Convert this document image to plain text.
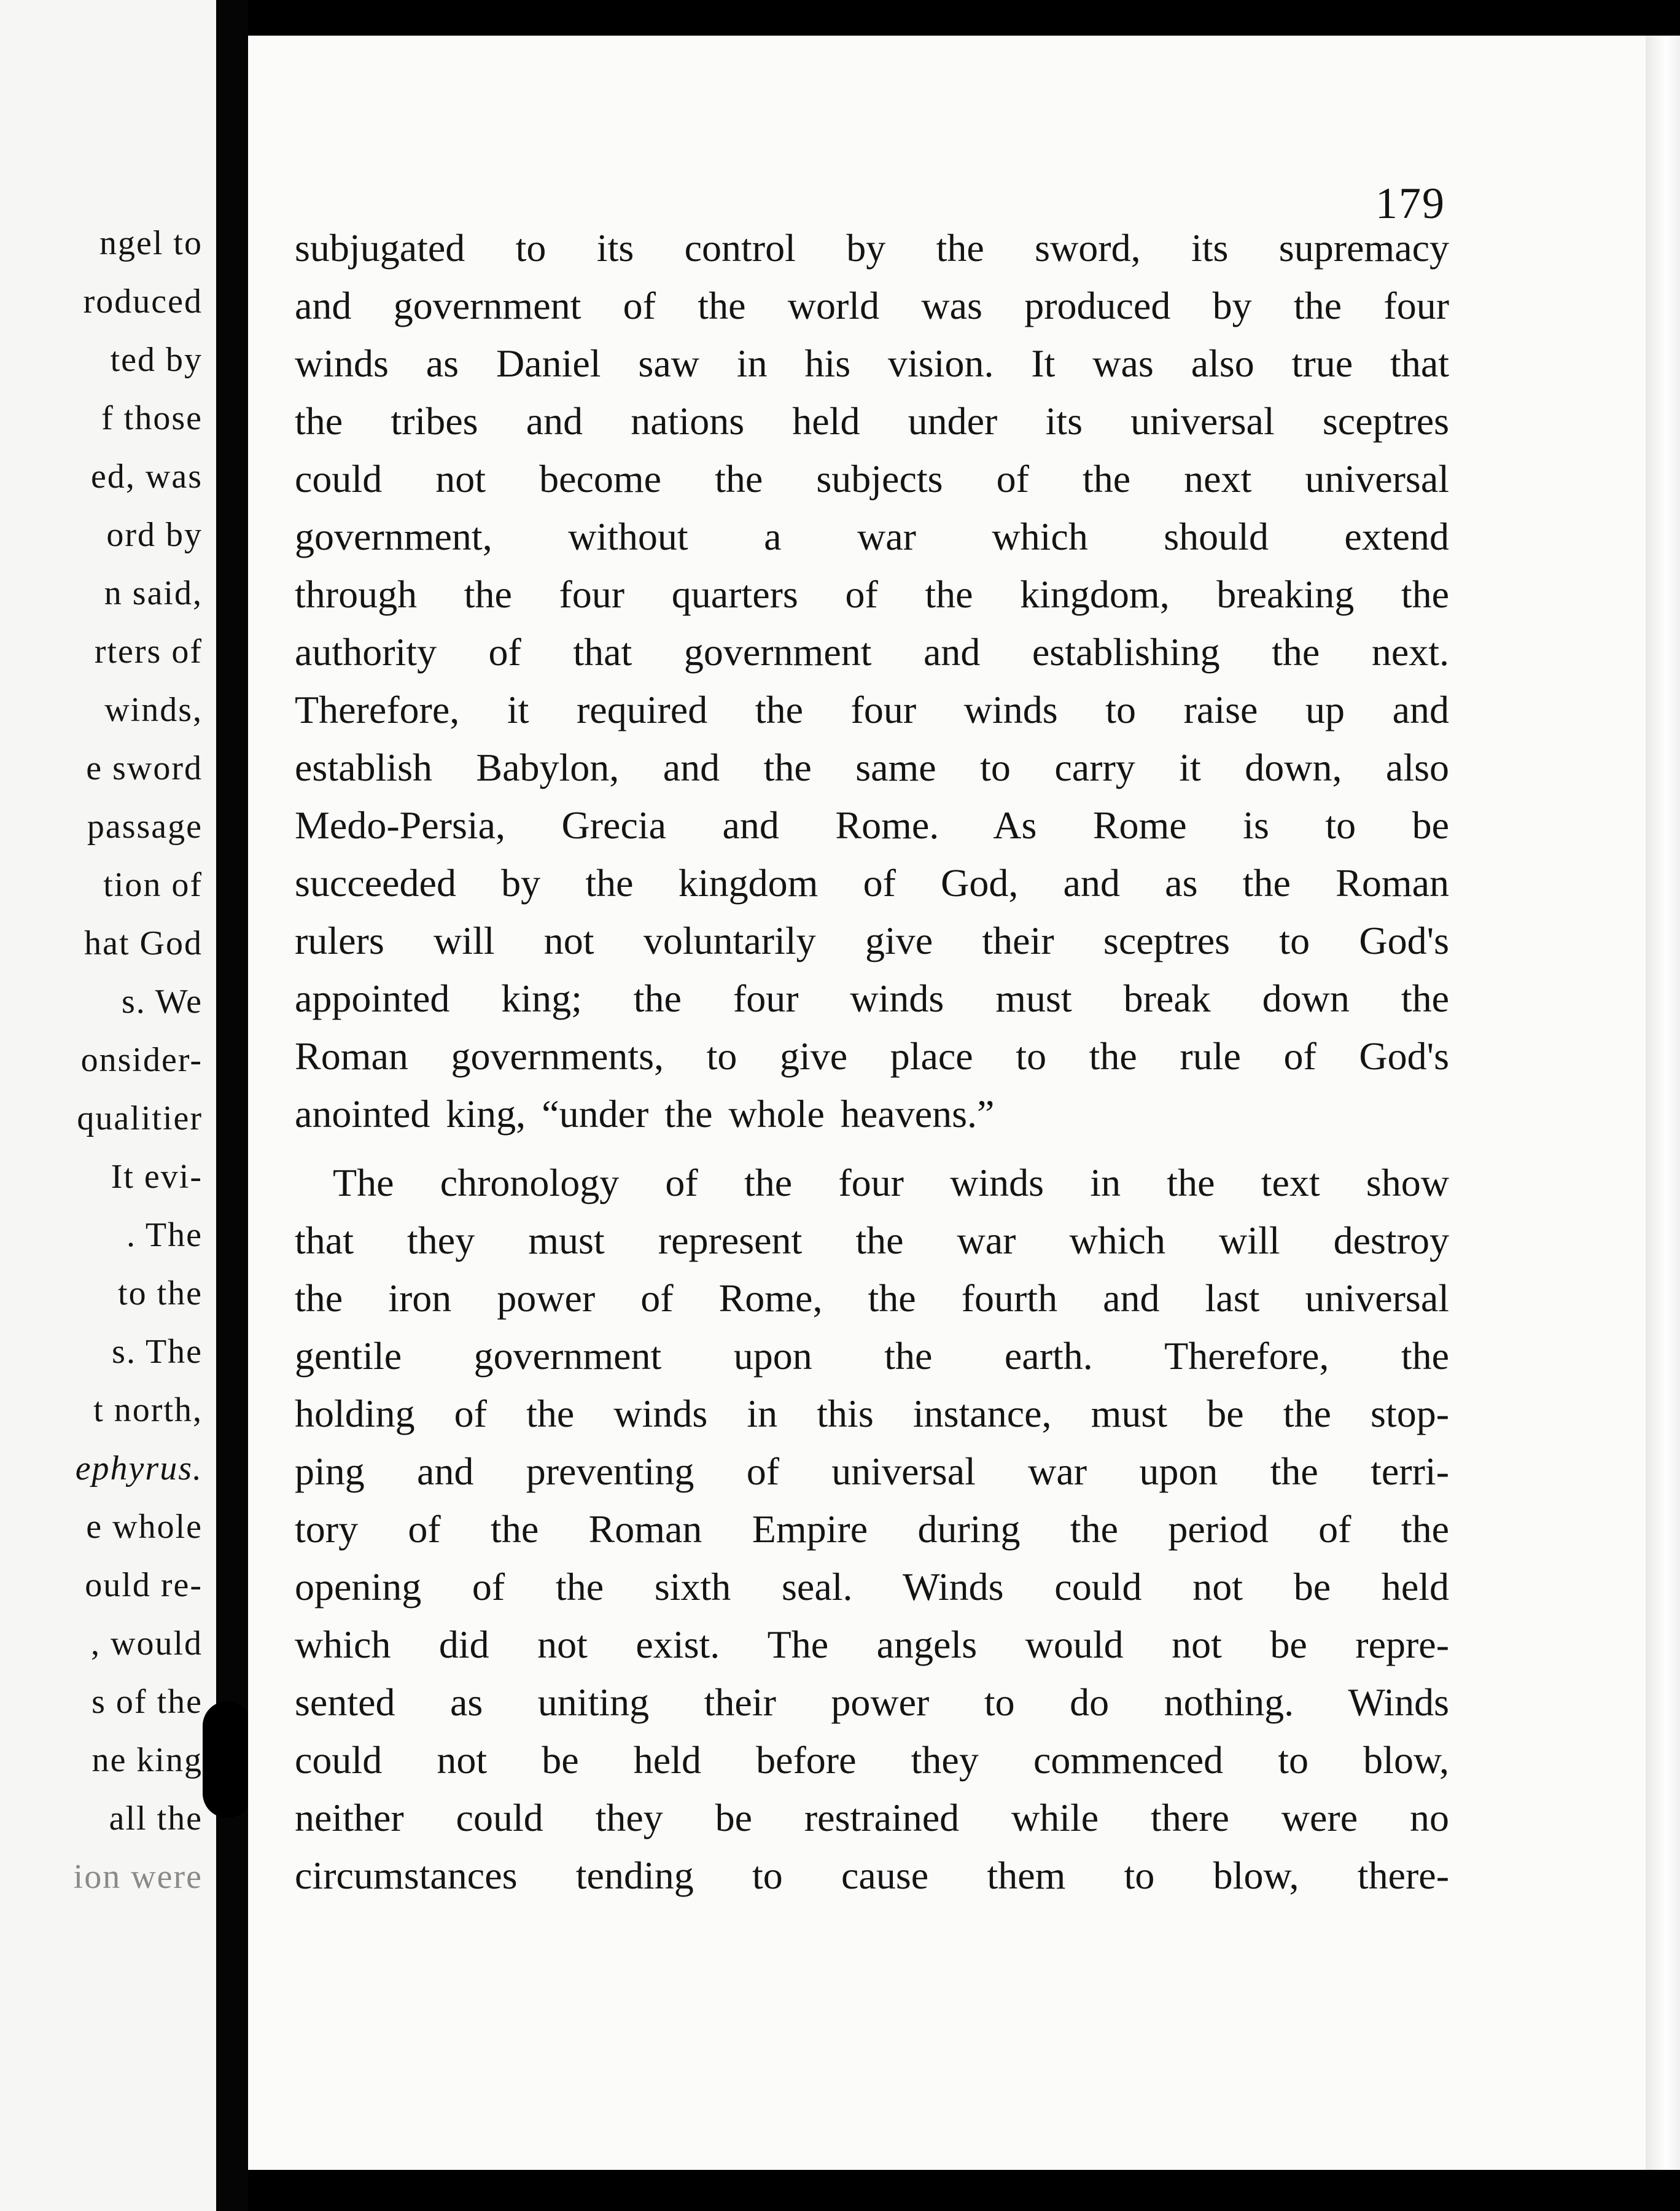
ngel to
roduced
ted by
f those
ed, was
ord by
n said,
rters of
winds,
e sword
passage
tion of
hat God
s. We
onsider-
qualitier
It evi-
. The
to the
s. The
t north,
ephyrus.
e whole
ould re-
, would
s of the
ne king
all the
ion were
179
subjugated to its control by the sword, its supremacy
and government of the world was produced by the four
winds as Daniel saw in his vision. It was also true that
the tribes and nations held under its universal sceptres
could not become the subjects of the next universal
government, without a war which should extend
through the four quarters of the kingdom, breaking the
authority of that government and establishing the next.
Therefore, it required the four winds to raise up and
establish Babylon, and the same to carry it down, also
Medo-Persia, Grecia and Rome. As Rome is to be
succeeded by the kingdom of God, and as the Roman
rulers will not voluntarily give their sceptres to God's
appointed king; the four winds must break down the
Roman governments, to give place to the rule of God's
anointed king, “under the whole heavens.”
The chronology of the four winds in the text show
that they must represent the war which will destroy
the iron power of Rome, the fourth and last universal
gentile government upon the earth. Therefore, the
holding of the winds in this instance, must be the stop-
ping and preventing of universal war upon the terri-
tory of the Roman Empire during the period of the
opening of the sixth seal. Winds could not be held
which did not exist. The angels would not be repre-
sented as uniting their power to do nothing. Winds
could not be held before they commenced to blow,
neither could they be restrained while there were no
circumstances tending to cause them to blow, there-
